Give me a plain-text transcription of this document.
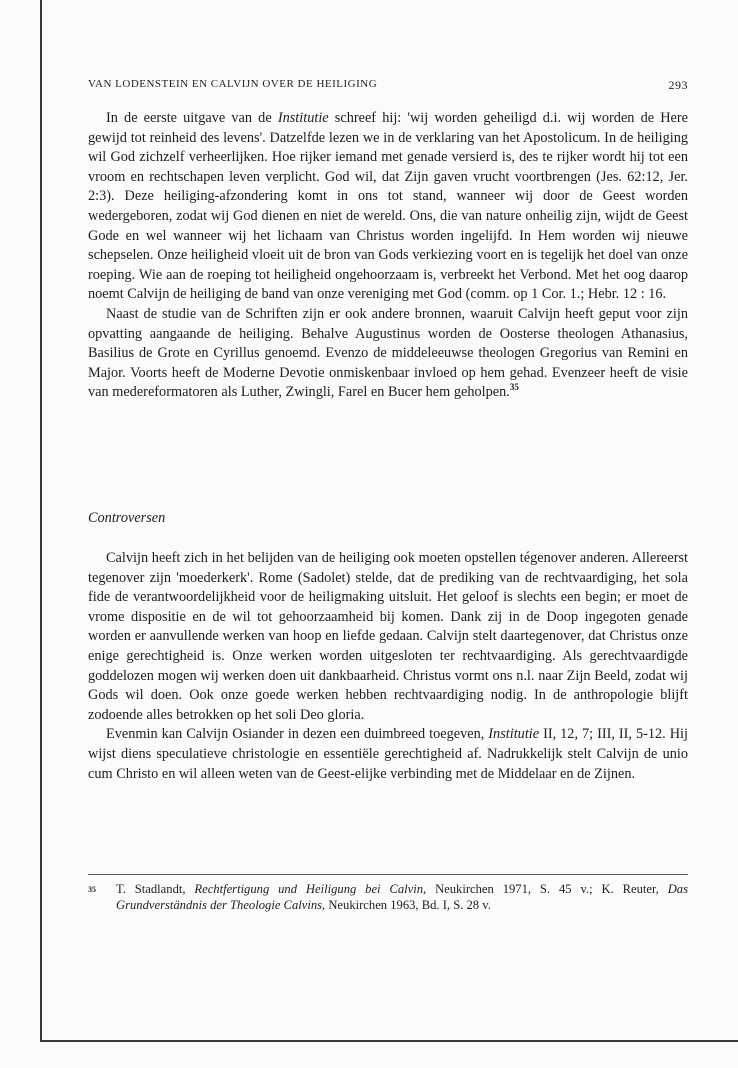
VAN LODENSTEIN EN CALVIJN OVER DE HEILIGING	293

In de eerste uitgave van de Institutie schreef hij: 'wij worden geheiligd d.i. wij worden de Here gewijd tot reinheid des levens'. Datzelfde lezen we in de verklaring van het Apostolicum. In de heiliging wil God zichzelf verheerlijken. Hoe rijker iemand met genade versierd is, des te rijker wordt hij tot een vroom en rechtschapen leven verplicht. God wil, dat Zijn gaven vrucht voortbrengen (Jes. 62:12, Jer. 2:3). Deze heiliging-afzondering komt in ons tot stand, wanneer wij door de Geest worden wedergeboren, zodat wij God dienen en niet de wereld. Ons, die van nature onheilig zijn, wijdt de Geest Gode en wel wanneer wij het lichaam van Christus worden ingelijfd. In Hem worden wij nieuwe schepselen. Onze heiligheid vloeit uit de bron van Gods verkiezing voort en is tegelijk het doel van onze roeping. Wie aan de roeping tot heiligheid ongehoorzaam is, verbreekt het Verbond. Met het oog daarop noemt Calvijn de heiliging de band van onze vereniging met God (comm. op 1 Cor. 1.; Hebr. 12 : 16.

Naast de studie van de Schriften zijn er ook andere bronnen, waaruit Calvijn heeft geput voor zijn opvatting aangaande de heiliging. Behalve Augustinus worden de Oosterse theologen Athanasius, Basilius de Grote en Cyrillus genoemd. Evenzo de middeleeuwse theologen Gregorius van Remini en Major. Voorts heeft de Moderne Devotie onmiskenbaar invloed op hem gehad. Evenzeer heeft de visie van medereformatoren als Luther, Zwingli, Farel en Bucer hem geholpen.$^{35}$

Controversen

Calvijn heeft zich in het belijden van de heiliging ook moeten opstellen tégenover anderen. Allereerst tegenover zijn 'moederkerk'. Rome (Sadolet) stelde, dat de prediking van de rechtvaardiging, het sola fide de verantwoordelijkheid voor de heiligmaking uitsluit. Het geloof is slechts een begin; er moet de vrome dispositie en de wil tot gehoorzaamheid bij komen. Dank zij in de Doop ingegoten genade worden er aanvullende werken van hoop en liefde gedaan. Calvijn stelt daartegenover, dat Christus onze enige gerechtigheid is. Onze werken worden uitgesloten ter rechtvaardiging. Als gerechtvaardigde goddelozen mogen wij werken doen uit dankbaarheid. Christus vormt ons n.l. naar Zijn Beeld, zodat wij Gods wil doen. Ook onze goede werken hebben rechtvaardiging nodig. In de anthropologie blijft zodoende alles betrokken op het soli Deo gloria.

Evenmin kan Calvijn Osiander in dezen een duimbreed toegeven, Institutie II, 12, 7; III, II, 5-12. Hij wijst diens speculatieve christologie en essentiële gerechtigheid af. Nadrukkelijk stelt Calvijn de unio cum Christo en wil alleen weten van de Geest-elijke verbinding met de Middelaar en de Zijnen.

35 T. Stadlandt, Rechtfertigung und Heiligung bei Calvin, Neukirchen 1971, S. 45 v.; K. Reuter, Das Grundverständnis der Theologie Calvins, Neukirchen 1963, Bd. I, S. 28 v.
